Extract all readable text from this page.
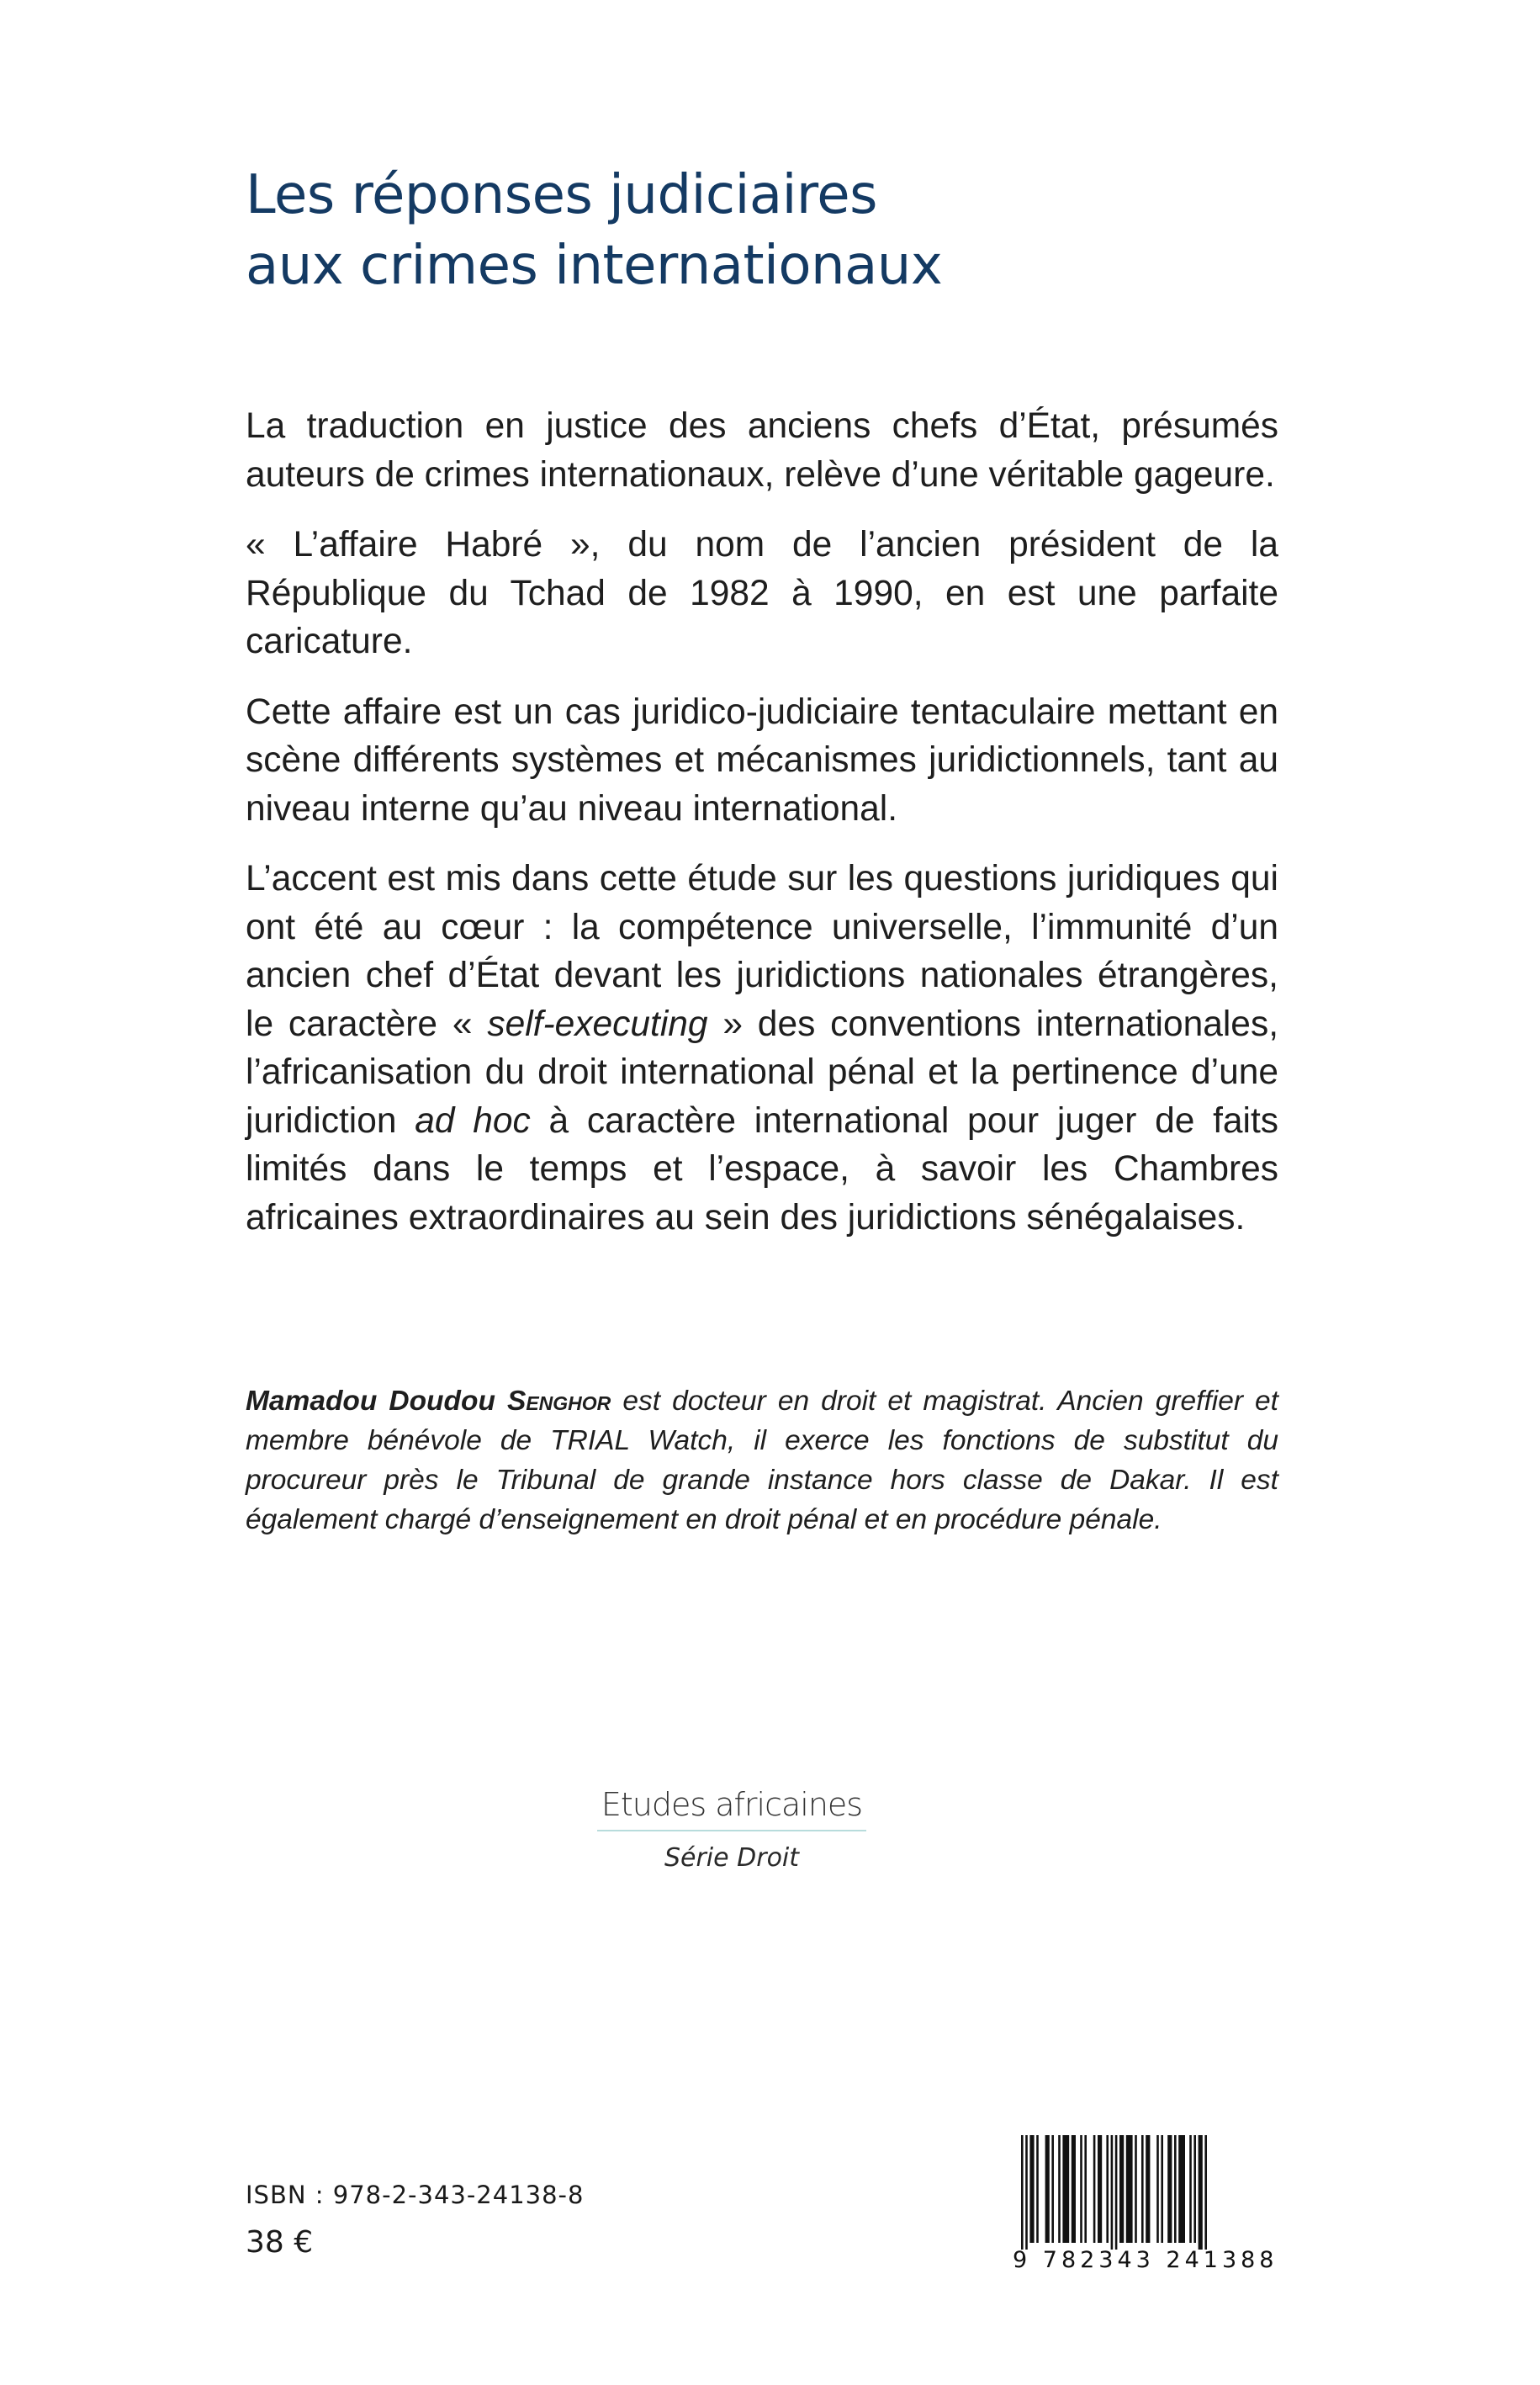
Les réponses judiciaires
aux crimes internationaux

La traduction en justice des anciens chefs d’État, présumés auteurs de crimes internationaux, relève d’une véritable gageure.

« L’affaire Habré », du nom de l’ancien président de la République du Tchad de 1982 à 1990, en est une parfaite caricature.

Cette affaire est un cas juridico-judiciaire tentaculaire mettant en scène différents systèmes et mécanismes juridictionnels, tant au niveau interne qu’au niveau international.

L’accent est mis dans cette étude sur les questions juridiques qui ont été au cœur : la compétence universelle, l’immunité d’un ancien chef d’État devant les juridictions nationales étrangères, le caractère « self-executing » des conventions internationales, l’africanisation du droit international pénal et la pertinence d’une juridiction ad hoc à caractère international pour juger de faits limités dans le temps et l’espace, à savoir les Chambres africaines extraordinaires au sein des juridictions sénégalaises.

Mamadou Doudou Senghor est docteur en droit et magistrat. Ancien greffier et membre bénévole de TRIAL Watch, il exerce les fonctions de substitut du procureur près le Tribunal de grande instance hors classe de Dakar. Il est également chargé d’enseignement en droit pénal et en procédure pénale.
Etudes africaines
Série Droit
ISBN : 978-2-343-24138-8
38 €
9 782343 241388
